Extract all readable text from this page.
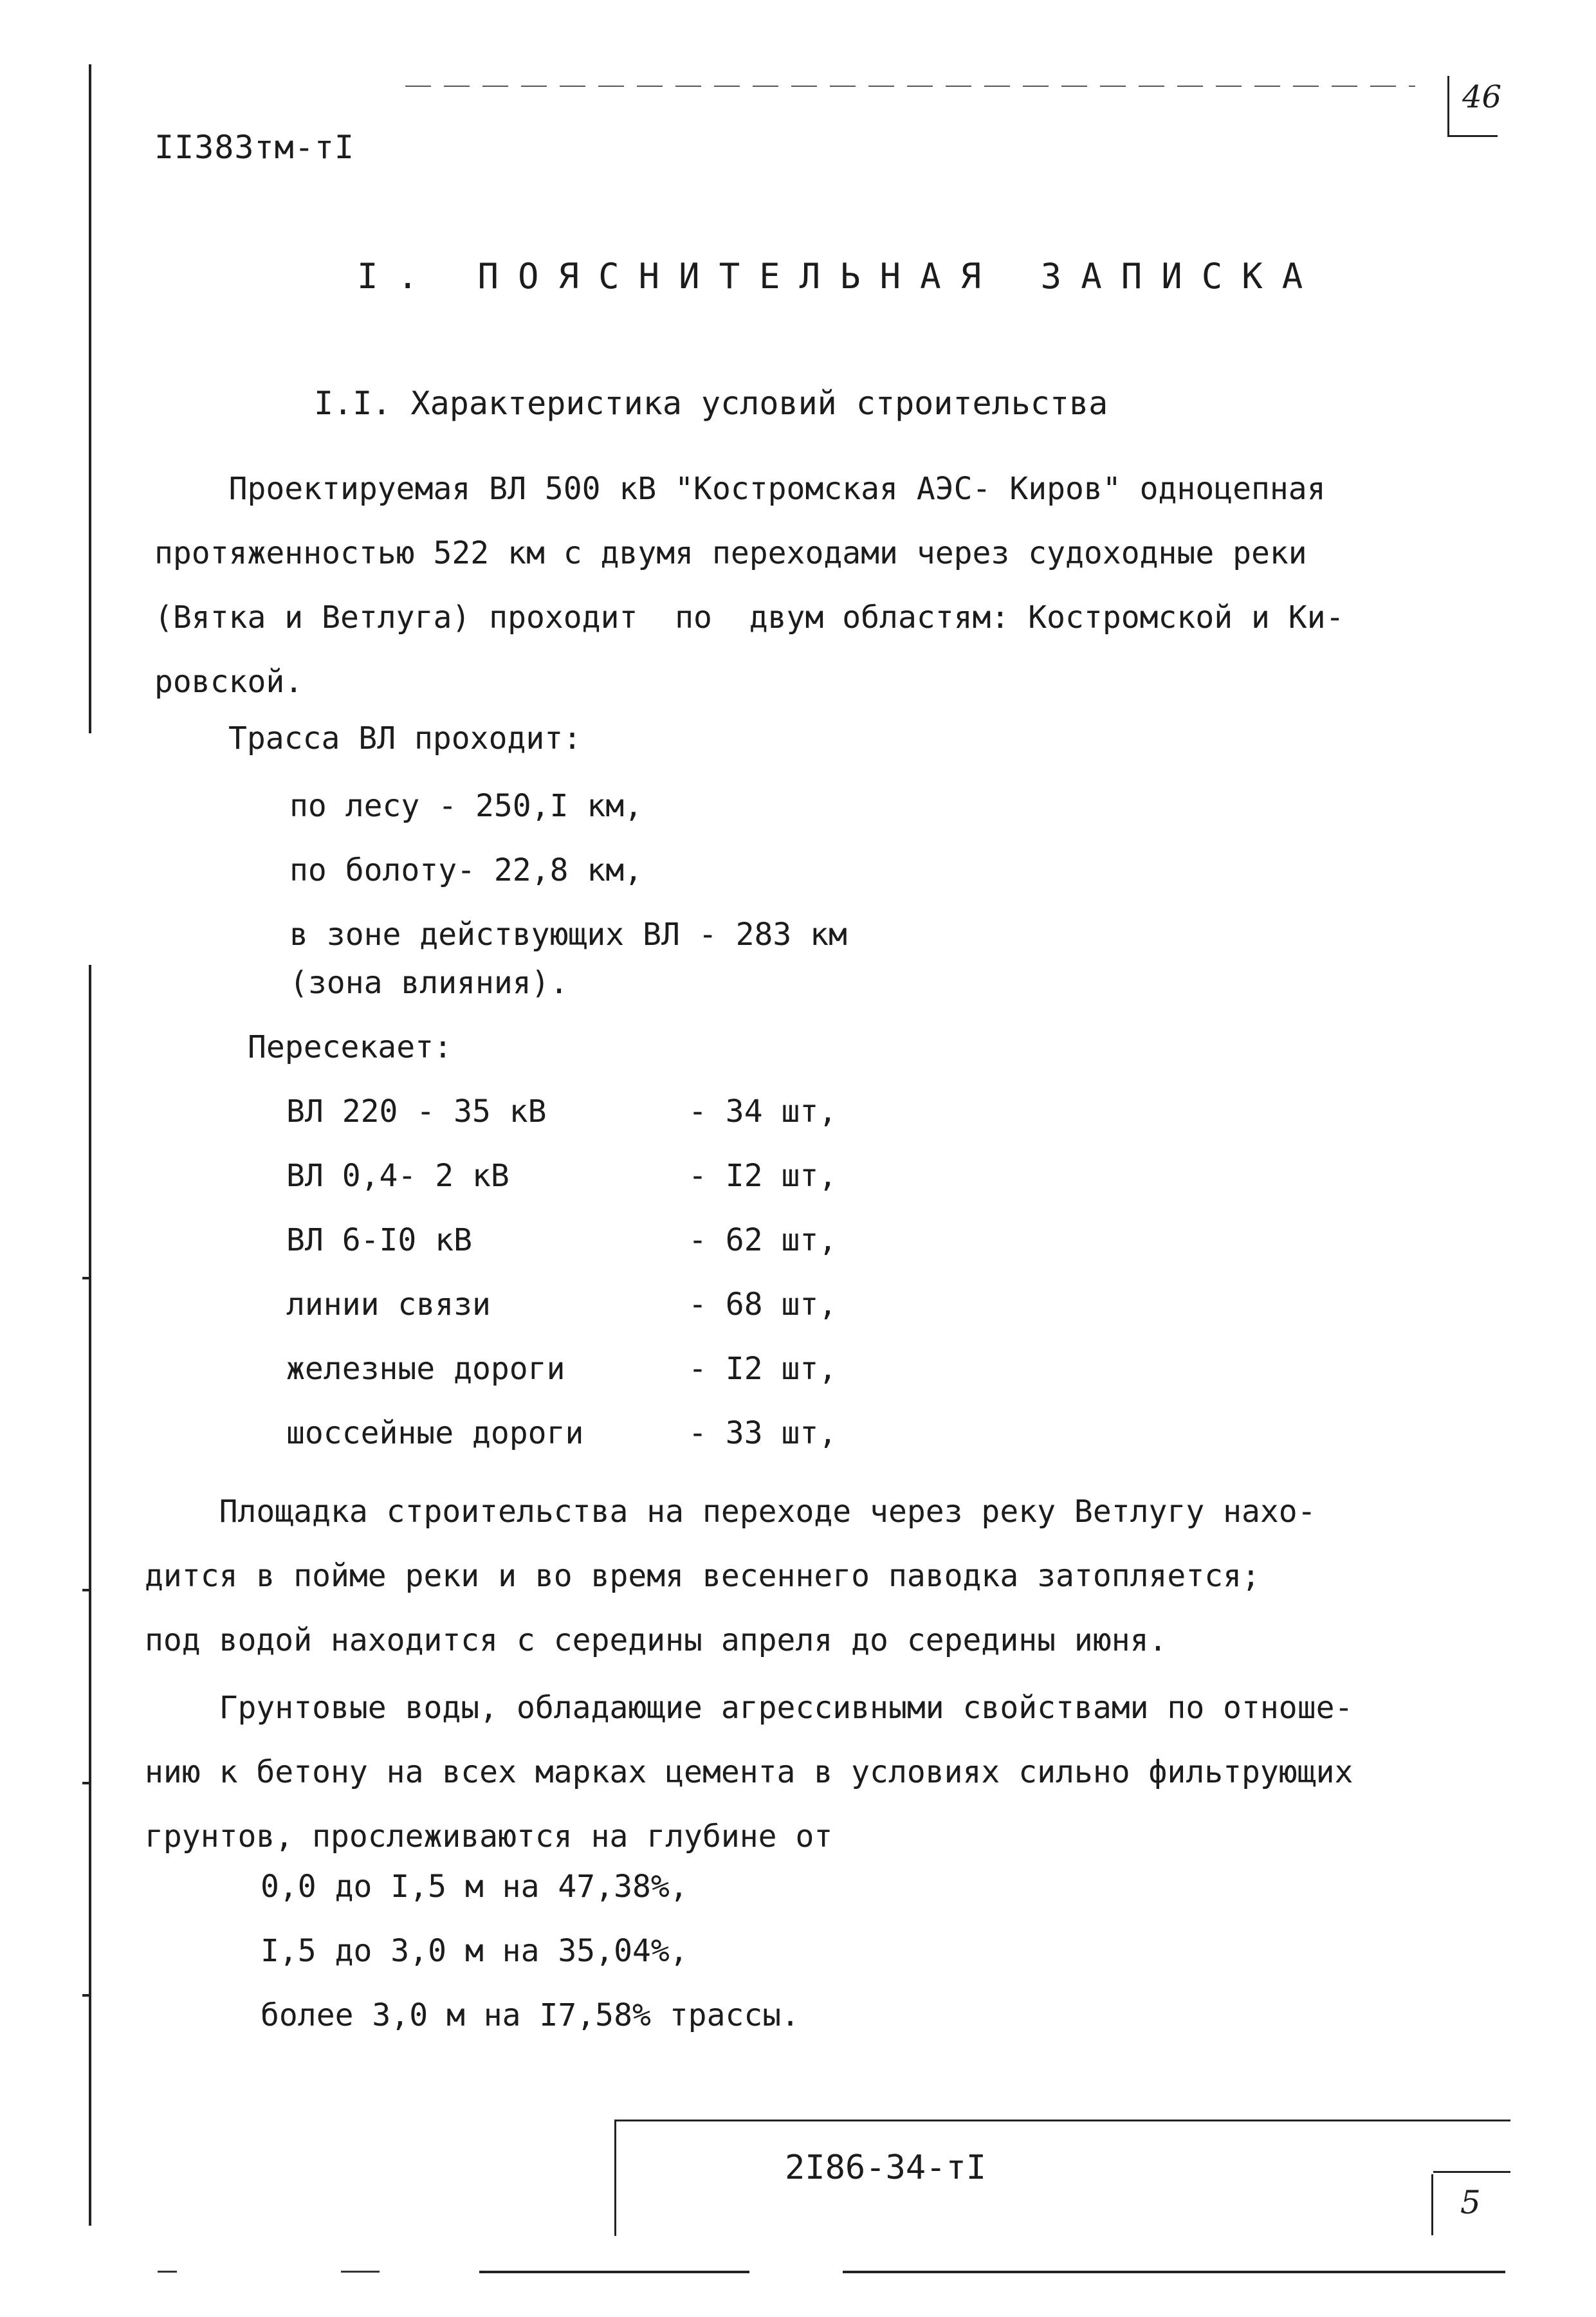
II383тм-тI
46
I. ПОЯСНИТЕЛЬНАЯ ЗАПИСКА
I.I. Характеристика условий строительства
Проектируемая ВЛ 500 кВ "Костромская АЭС- Киров" одноцепная
протяженностью 522 км с двумя переходами через судоходные реки
(Вятка и Ветлуга) проходит  по  двум областям: Костромской и Ки-
ровской.
Трасса ВЛ проходит:
по лесу - 250,I км,
по болоту- 22,8 км,
в зоне действующих ВЛ - 283 км
(зона влияния).
Пересекает:
ВЛ 220 - 35 кВ	- 34 шт,
ВЛ 0,4- 2 кВ	- I2 шт,
ВЛ 6-I0 кВ	- 62 шт,
линии связи	- 68 шт,
железные дороги	- I2 шт,
шоссейные дороги	- 33 шт,
Площадка строительства на переходе через реку Ветлугу нахо-
дится в пойме реки и во время весеннего паводка затопляется;
под водой находится с середины апреля до середины июня.
Грунтовые воды, обладающие агрессивными свойствами по отноше-
нию к бетону на всех марках цемента в условиях сильно фильтрующих
грунтов, прослеживаются на глубине от
0,0 до I,5 м на 47,38%,
I,5 до 3,0 м на 35,04%,
более 3,0 м на I7,58% трассы.
2I86-34-тI
5
